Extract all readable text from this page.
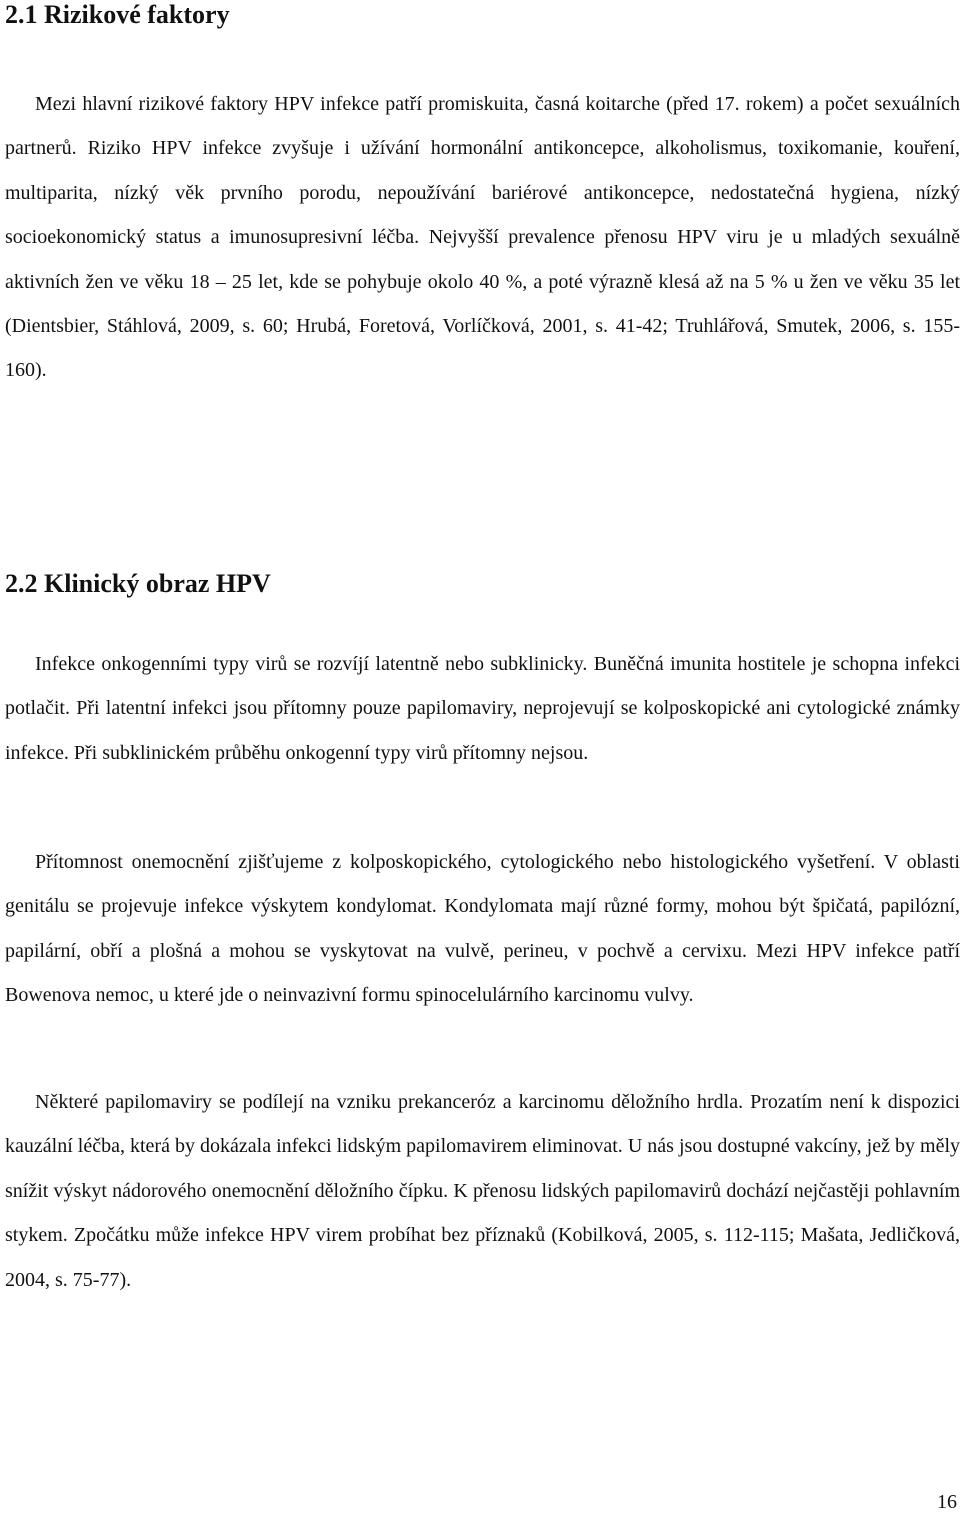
2.1 Rizikové faktory

Mezi hlavní rizikové faktory HPV infekce patří promiskuita, časná koitarche (před 17. rokem) a počet sexuálních partnerů. Riziko HPV infekce zvyšuje i užívání hormonální antikoncepce, alkoholismus, toxikomanie, kouření, multiparita, nízký věk prvního porodu, nepoužívání bariérové antikoncepce, nedostatečná hygiena, nízký socioekonomický status a imunosupresivní léčba. Nejvyšší prevalence přenosu HPV viru je u mladých sexuálně aktivních žen ve věku 18 – 25 let, kde se pohybuje okolo 40 %, a poté výrazně klesá až na 5 % u žen ve věku 35 let (Dientsbier, Stáhlová, 2009, s. 60; Hrubá, Foretová, Vorlíčková, 2001, s. 41-42; Truhlářová, Smutek, 2006, s. 155-160).

2.2 Klinický obraz HPV

Infekce onkogenními typy virů se rozvíjí latentně nebo subklinicky. Buněčná imunita hostitele je schopna infekci potlačit. Při latentní infekci jsou přítomny pouze papilomaviry, neprojevují se kolposkopické ani cytologické známky infekce. Při subklinickém průběhu onkogenní typy virů přítomny nejsou.

Přítomnost onemocnění zjišťujeme z kolposkopického, cytologického nebo histologického vyšetření. V oblasti genitálu se projevuje infekce výskytem kondylomat. Kondylomata mají různé formy, mohou být špičatá, papilózní, papilární, obří a plošná a mohou se vyskytovat na vulvě, perineu, v pochvě a cervixu. Mezi HPV infekce patří Bowenova nemoc, u které jde o neinvazivní formu spinocelulárního karcinomu vulvy.

Některé papilomaviry se podílejí na vzniku prekanceróz a karcinomu děložního hrdla. Prozatím není k dispozici kauzální léčba, která by dokázala infekci lidským papilomavirem eliminovat. U nás jsou dostupné vakcíny, jež by měly snížit výskyt nádorového onemocnění děložního čípku. K přenosu lidských papilomavirů dochází nejčastěji pohlavním stykem. Zpočátku může infekce HPV virem probíhat bez příznaků (Kobilková, 2005, s. 112-115; Mašata, Jedličková, 2004, s. 75-77).

16
